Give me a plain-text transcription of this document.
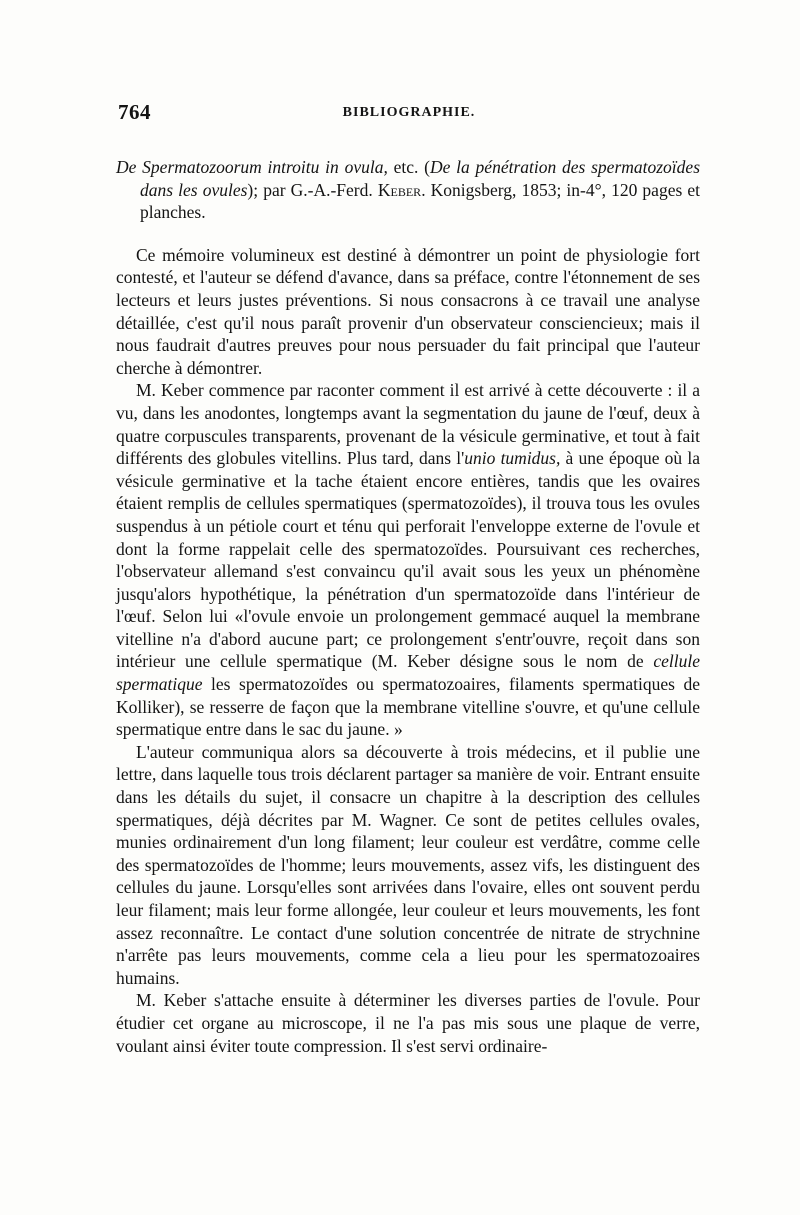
764	BIBLIOGRAPHIE.

De Spermatozoorum introitu in ovula, etc. (De la pénétration des spermatozoïdes dans les ovules); par G.-A.-Ferd. Keber. Konigsberg, 1853; in-4°, 120 pages et planches.

Ce mémoire volumineux est destiné à démontrer un point de physiologie fort contesté, et l'auteur se défend d'avance, dans sa préface, contre l'étonnement de ses lecteurs et leurs justes préventions. Si nous consacrons à ce travail une analyse détaillée, c'est qu'il nous paraît provenir d'un observateur consciencieux; mais il nous faudrait d'autres preuves pour nous persuader du fait principal que l'auteur cherche à démontrer.

M. Keber commence par raconter comment il est arrivé à cette découverte : il a vu, dans les anodontes, longtemps avant la segmentation du jaune de l'œuf, deux à quatre corpuscules transparents, provenant de la vésicule germinative, et tout à fait différents des globules vitellins. Plus tard, dans l'unio tumidus, à une époque où la vésicule germinative et la tache étaient encore entières, tandis que les ovaires étaient remplis de cellules spermatiques (spermatozoïdes), il trouva tous les ovules suspendus à un pétiole court et ténu qui perforait l'enveloppe externe de l'ovule et dont la forme rappelait celle des spermatozoïdes. Poursuivant ces recherches, l'observateur allemand s'est convaincu qu'il avait sous les yeux un phénomène jusqu'alors hypothétique, la pénétration d'un spermatozoïde dans l'intérieur de l'œuf. Selon lui «l'ovule envoie un prolongement gemmacé auquel la membrane vitelline n'a d'abord aucune part; ce prolongement s'entr'ouvre, reçoit dans son intérieur une cellule spermatique (M. Keber désigne sous le nom de cellule spermatique les spermatozoïdes ou spermatozoaires, filaments spermatiques de Kolliker), se resserre de façon que la membrane vitelline s'ouvre, et qu'une cellule spermatique entre dans le sac du jaune. »

L'auteur communiqua alors sa découverte à trois médecins, et il publie une lettre, dans laquelle tous trois déclarent partager sa manière de voir. Entrant ensuite dans les détails du sujet, il consacre un chapitre à la description des cellules spermatiques, déjà décrites par M. Wagner. Ce sont de petites cellules ovales, munies ordinairement d'un long filament; leur couleur est verdâtre, comme celle des spermatozoïdes de l'homme; leurs mouvements, assez vifs, les distinguent des cellules du jaune. Lorsqu'elles sont arrivées dans l'ovaire, elles ont souvent perdu leur filament; mais leur forme allongée, leur couleur et leurs mouvements, les font assez reconnaître. Le contact d'une solution concentrée de nitrate de strychnine n'arrête pas leurs mouvements, comme cela a lieu pour les spermatozoaires humains.

M. Keber s'attache ensuite à déterminer les diverses parties de l'ovule. Pour étudier cet organe au microscope, il ne l'a pas mis sous une plaque de verre, voulant ainsi éviter toute compression. Il s'est servi ordinaire-
